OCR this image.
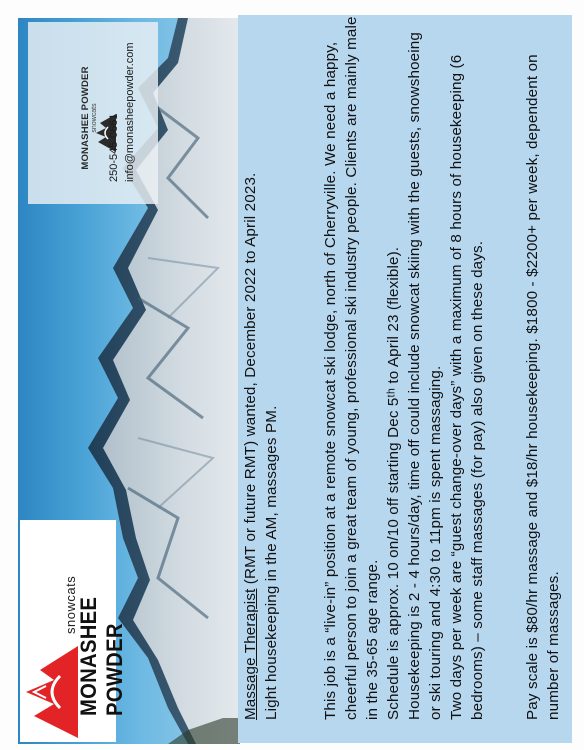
Massage Therapist (RMT or future RMT) wanted, December 2022 to April 2023. Light housekeeping in the AM, massages PM.	This job is a “live-in” position at a remote snowcat ski lodge, north of Cherryville. We need a happy, cheerful person to join a great team of young, professional ski industry people. Clients are mainly male in the 35-65 age range. Schedule is approx. 10 on/10 off starting Dec 5ᵗʰ to April 23 (flexible). Housekeeping is 2 - 4 hours/day, time off could include snowcat skiing with the guests, snowshoeing or ski touring and 4:30 to 11pm is spent massaging. Two days per week are “guest change-over days” with a maximum of 8 hours of housekeeping (6 bedrooms) – some staff massages (for pay) also given on these days.	Pay scale is $80/hr massage and $18/hr housekeeping. $1800 - $2200+ per week, dependent on number of massages.

MONASHEE POWDER snowcats 250-545-0661 info@monasheepowder.com
snowcats
MONASHEE POWDER
